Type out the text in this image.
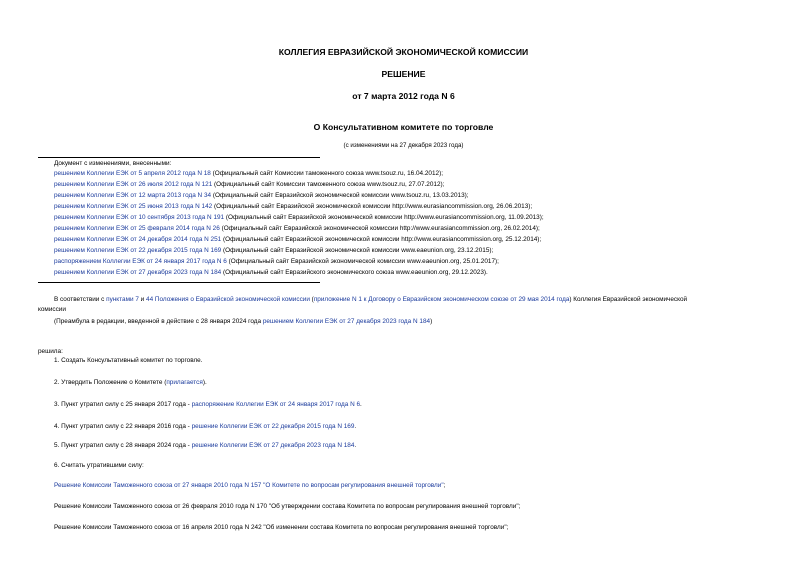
КОЛЛЕГИЯ ЕВРАЗИЙСКОЙ ЭКОНОМИЧЕСКОЙ КОМИССИИ
РЕШЕНИЕ
от 7 марта 2012 года N 6
О Консультативном комитете по торговле
(с изменениями на 27 декабря 2023 года)
Документ с изменениями, внесенными:
решением Коллегии ЕЭК от 5 апреля 2012 года N 18 (Официальный сайт Комиссии таможенного союза www.tsouz.ru, 16.04.2012);
решением Коллегии ЕЭК от 26 июля 2012 года N 121 (Официальный сайт Комиссии таможенного союза www.tsouz.ru, 27.07.2012);
решением Коллегии ЕЭК от 12 марта 2013 года N 34 (Официальный сайт Евразийской экономической комиссии www.tsouz.ru, 13.03.2013);
решением Коллегии ЕЭК от 25 июня 2013 года N 142 (Официальный сайт Евразийской экономической комиссии http://www.eurasiancommission.org, 26.06.2013);
решением Коллегии ЕЭК от 10 сентября 2013 года N 191 (Официальный сайт Евразийской экономической комиссии http://www.eurasiancommission.org, 11.09.2013);
решением Коллегии ЕЭК от 25 февраля 2014 года N 26 (Официальный сайт Евразийской экономической комиссии http://www.eurasiancommission.org, 26.02.2014);
решением Коллегии ЕЭК от 24 декабря 2014 года N 251 (Официальный сайт Евразийской экономической комиссии http://www.eurasiancommission.org, 25.12.2014);
решением Коллегии ЕЭК от 22 декабря 2015 года N 169 (Официальный сайт Евразийской экономической комиссии www.eaeunion.org, 23.12.2015);
распоряжением Коллегии ЕЭК от 24 января 2017 года N 6 (Официальный сайт Евразийской экономической комиссии www.eaeunion.org, 25.01.2017);
решением Коллегии ЕЭК от 27 декабря 2023 года N 184 (Официальный сайт Евразийского экономического союза www.eaeunion.org, 29.12.2023).
В соответствии с пунктами 7 и 44 Положения о Евразийской экономической комиссии (приложение N 1 к Договору о Евразийском экономическом союзе от 29 мая 2014 года) Коллегия Евразийской экономической
комиссии
(Преамбула в редакции, введенной в действие с 28 января 2024 года решением Коллегии ЕЭК от 27 декабря 2023 года N 184)
решила:
1. Создать Консультативный комитет по торговле.
2. Утвердить Положение о Комитете (прилагается).
3. Пункт утратил силу с 25 января 2017 года - распоряжение Коллегии ЕЭК от 24 января 2017 года N 6.
4. Пункт утратил силу с 22 января 2016 года - решение Коллегии ЕЭК от 22 декабря 2015 года N 169.
5. Пункт утратил силу с 28 января 2024 года - решение Коллегии ЕЭК от 27 декабря 2023 года N 184.
6. Считать утратившими силу:
Решение Комиссии Таможенного союза от 27 января 2010 года N 157 "О Комитете по вопросам регулирования внешней торговли";
Решение Комиссии Таможенного союза от 26 февраля 2010 года N 170 "Об утверждении состава Комитета по вопросам регулирования внешней торговли";
Решение Комиссии Таможенного союза от 16 апреля 2010 года N 242 "Об изменении состава Комитета по вопросам регулирования внешней торговли";
